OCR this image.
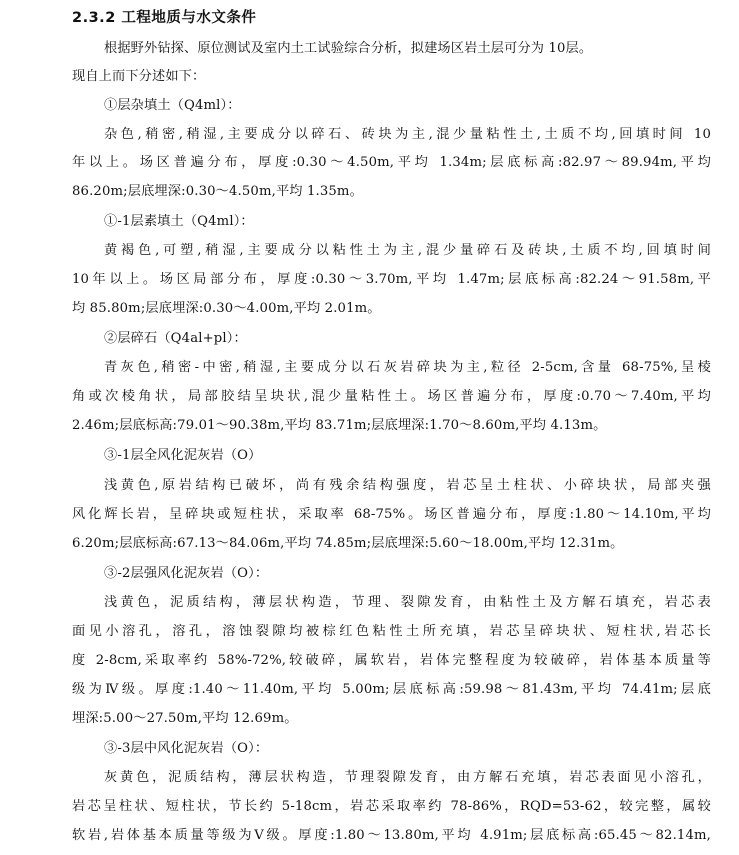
2.3.2 工程地质与水文条件
根据野外钻探、原位测试及室内土工试验综合分析，拟建场区岩土层可分为 10层。
现自上而下分述如下：
①层杂填土（Q4ml）：
杂色,稍密,稍湿,主要成分以碎石、砖块为主,混少量粘性土,土质不均,回填时间 10
年以上。场区普遍分布，厚度:0.30～4.50m,平均 1.34m;层底标高:82.97～89.94m,平均
86.20m;层底埋深:0.30～4.50m,平均 1.35m。
①-1层素填土（Q4ml）：
黄褐色,可塑,稍湿,主要成分以粘性土为主,混少量碎石及砖块,土质不均,回填时间
10年以上。场区局部分布，厚度:0.30～3.70m,平均 1.47m;层底标高:82.24～91.58m,平
均 85.80m;层底埋深:0.30～4.00m,平均 2.01m。
②层碎石（Q4al+pl）：
青灰色,稍密-中密,稍湿,主要成分以石灰岩碎块为主,粒径 2-5cm,含量 68-75%,呈棱
角或次棱角状，局部胶结呈块状,混少量粘性土。场区普遍分布，厚度:0.70～7.40m,平均
2.46m;层底标高:79.01～90.38m,平均 83.71m;层底埋深:1.70～8.60m,平均 4.13m。
③-1层全风化泥灰岩（O）
浅黄色,原岩结构已破坏，尚有残余结构强度，岩芯呈土柱状、小碎块状，局部夹强
风化辉长岩，呈碎块或短柱状，采取率 68-75%。场区普遍分布，厚度:1.80～14.10m,平均
6.20m;层底标高:67.13～84.06m,平均 74.85m;层底埋深:5.60～18.00m,平均 12.31m。
③-2层强风化泥灰岩（O）：
浅黄色，泥质结构，薄层状构造，节理、裂隙发育，由粘性土及方解石填充，岩芯表
面见小溶孔，溶孔，溶蚀裂隙均被棕红色粘性土所充填，岩芯呈碎块状、短柱状,岩芯长
度 2-8cm,采取率约 58%-72%,较破碎，属软岩，岩体完整程度为较破碎，岩体基本质量等
级为Ⅳ级。厚度:1.40～11.40m,平均 5.00m;层底标高:59.98～81.43m,平均 74.41m;层底
埋深:5.00～27.50m,平均 12.69m。
③-3层中风化泥灰岩（O）：
灰黄色，泥质结构，薄层状构造，节理裂隙发育，由方解石充填，岩芯表面见小溶孔，
岩芯呈柱状、短柱状，节长约 5-18cm，岩芯采取率约 78-86%，RQD=53-62，较完整，属较
软岩,岩体基本质量等级为Ⅴ级。厚度:1.80～13.80m,平均 4.91m;层底标高:65.45～82.14m,
